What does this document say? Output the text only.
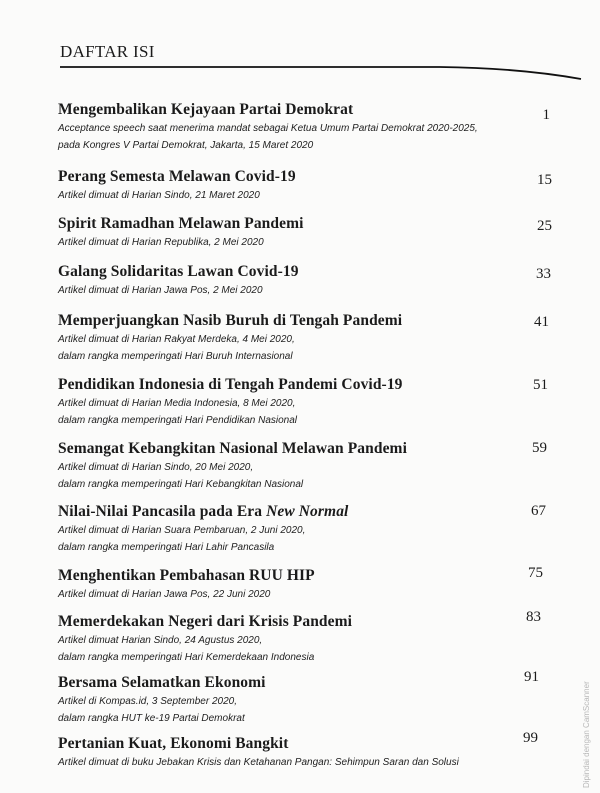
DAFTAR ISI
Mengembalikan Kejayaan Partai Demokrat
Acceptance speech saat menerima mandat sebagai Ketua Umum Partai Demokrat 2020-2025,
pada Kongres V Partai Demokrat, Jakarta, 15 Maret 2020
1
Perang Semesta Melawan Covid-19
Artikel dimuat di Harian Sindo, 21 Maret 2020
15
Spirit Ramadhan Melawan Pandemi
Artikel dimuat di Harian Republika, 2 Mei 2020
25
Galang Solidaritas Lawan Covid-19
Artikel dimuat di Harian Jawa Pos, 2 Mei 2020
33
Memperjuangkan Nasib Buruh di Tengah Pandemi
Artikel dimuat di Harian Rakyat Merdeka, 4 Mei 2020,
dalam rangka memperingati Hari Buruh Internasional
41
Pendidikan Indonesia di Tengah Pandemi Covid-19
Artikel dimuat di Harian Media Indonesia, 8 Mei 2020,
dalam rangka memperingati Hari Pendidikan Nasional
51
Semangat Kebangkitan Nasional Melawan Pandemi
Artikel dimuat di Harian Sindo, 20 Mei 2020,
dalam rangka memperingati Hari Kebangkitan Nasional
59
Nilai-Nilai Pancasila pada Era New Normal
Artikel dimuat di Harian Suara Pembaruan, 2 Juni 2020,
dalam rangka memperingati Hari Lahir Pancasila
67
Menghentikan Pembahasan RUU HIP
Artikel dimuat di Harian Jawa Pos, 22 Juni 2020
75
Memerdekakan Negeri dari Krisis Pandemi
Artikel dimuat Harian Sindo, 24 Agustus 2020,
dalam rangka memperingati Hari Kemerdekaan Indonesia
83
Bersama Selamatkan Ekonomi
Artikel di Kompas.id, 3 September 2020,
dalam rangka HUT ke-19 Partai Demokrat
91
Pertanian Kuat, Ekonomi Bangkit
Artikel dimuat di buku Jebakan Krisis dan Ketahanan Pangan: Sehimpun Saran dan Solusi
99	Dipindai dengan CamScanner
